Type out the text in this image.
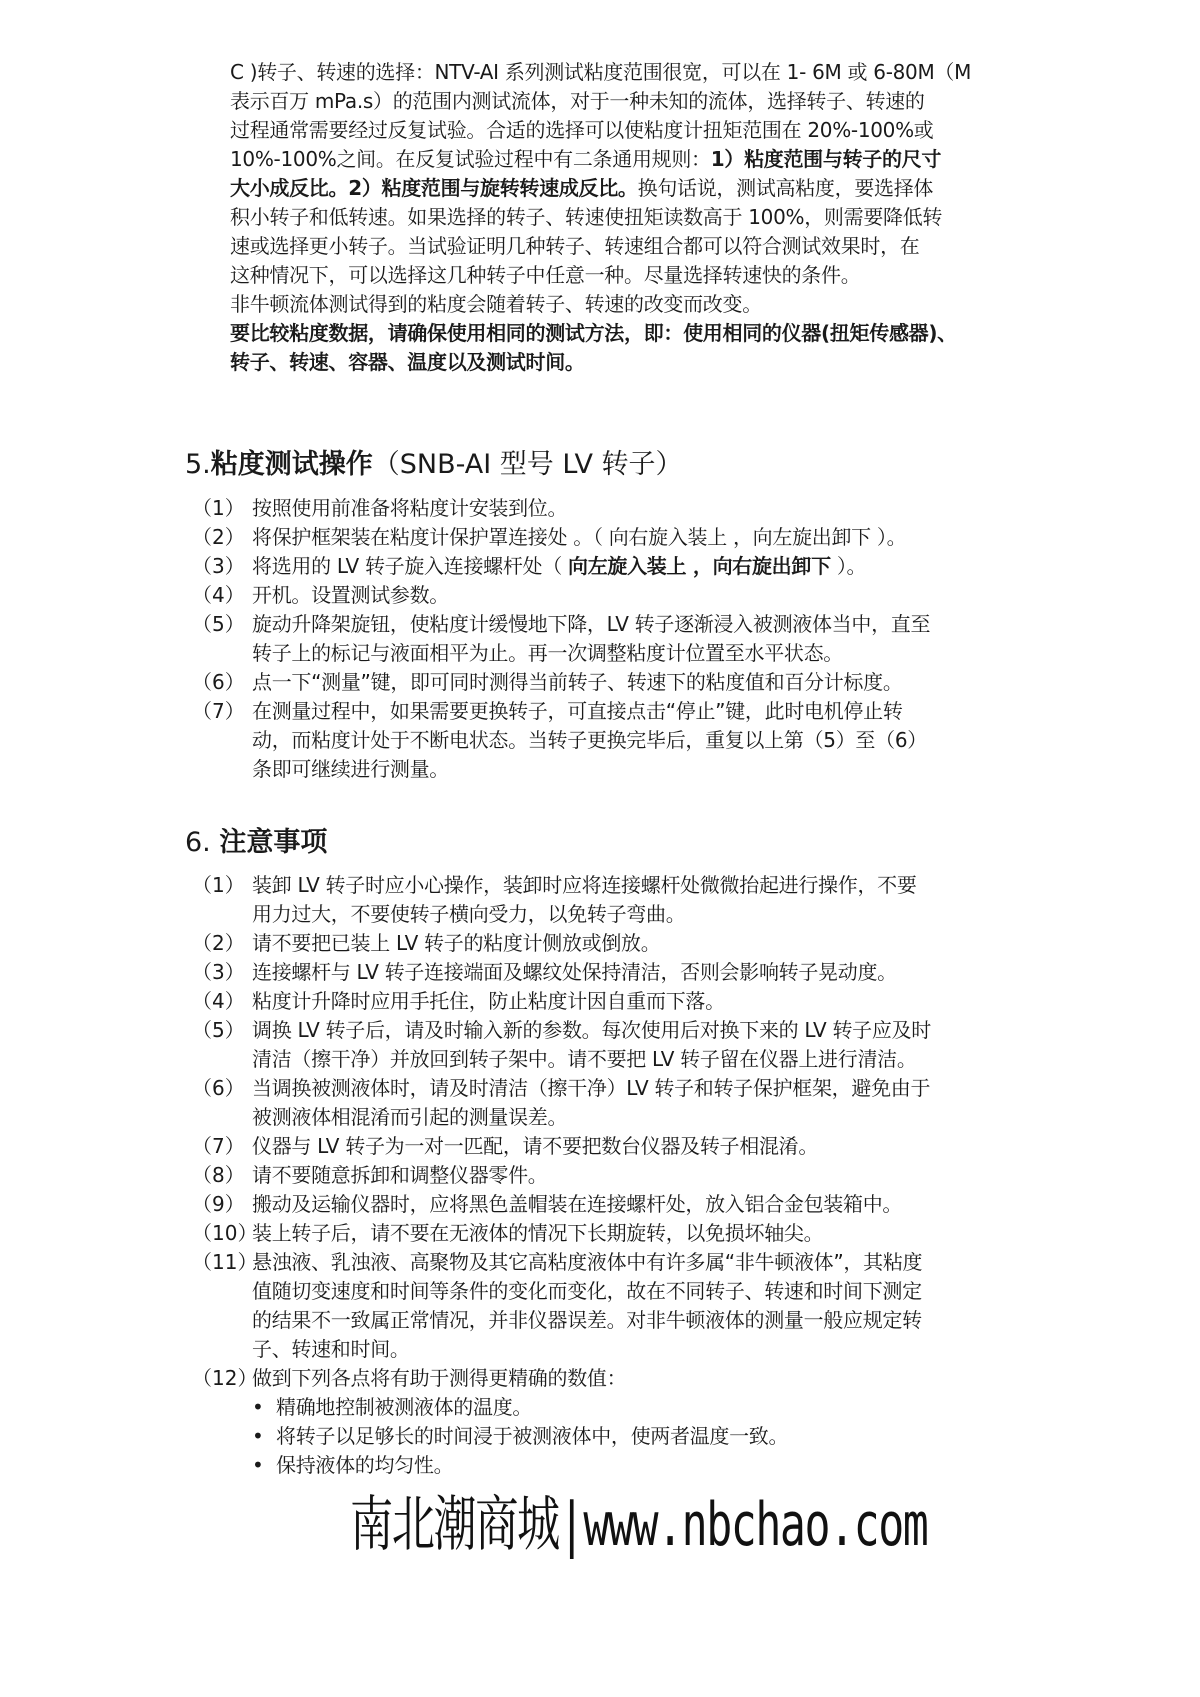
C )转子、转速的选择：NTV-AI 系列测试粘度范围很宽，可以在 1- 6M 或 6-80M（M
表示百万 mPa.s）的范围内测试流体，对于一种未知的流体，选择转子、转速的
过程通常需要经过反复试验。合适的选择可以使粘度计扭矩范围在 20%-100%或
10%-100%之间。在反复试验过程中有二条通用规则：1）粘度范围与转子的尺寸
大小成反比。2）粘度范围与旋转转速成反比。换句话说，测试高粘度，要选择体
积小转子和低转速。如果选择的转子、转速使扭矩读数高于 100%，则需要降低转
速或选择更小转子。当试验证明几种转子、转速组合都可以符合测试效果时，在
这种情况下，可以选择这几种转子中任意一种。尽量选择转速快的条件。
非牛顿流体测试得到的粘度会随着转子、转速的改变而改变。
要比较粘度数据，请确保使用相同的测试方法，即：使用相同的仪器(扭矩传感器)、
转子、转速、容器、温度以及测试时间。
5.粘度测试操作（SNB-AI 型号 LV 转子）
（1） 按照使用前准备将粘度计安装到位。
（2） 将保护框架装在粘度计保护罩连接处 。（ 向右旋入装上 ，向左旋出卸下 ）。
（3） 将选用的 LV 转子旋入连接螺杆处（ 向左旋入装上 ，向右旋出卸下 ）。
（4） 开机。设置测试参数。
（5） 旋动升降架旋钮，使粘度计缓慢地下降，LV 转子逐渐浸入被测液体当中，直至
转子上的标记与液面相平为止。再一次调整粘度计位置至水平状态。
（6） 点一下“测量”键，即可同时测得当前转子、转速下的粘度值和百分计标度。
（7） 在测量过程中，如果需要更换转子，可直接点击“停止”键，此时电机停止转
动，而粘度计处于不断电状态。当转子更换完毕后，重复以上第（5）至（6）
条即可继续进行测量。
6. 注意事项
（1） 装卸 LV 转子时应小心操作，装卸时应将连接螺杆处微微抬起进行操作，不要
用力过大，不要使转子横向受力，以免转子弯曲。
（2） 请不要把已装上 LV 转子的粘度计侧放或倒放。
（3） 连接螺杆与 LV 转子连接端面及螺纹处保持清洁，否则会影响转子晃动度。
（4） 粘度计升降时应用手托住，防止粘度计因自重而下落。
（5） 调换 LV 转子后，请及时输入新的参数。每次使用后对换下来的 LV 转子应及时
清洁（擦干净）并放回到转子架中。请不要把 LV 转子留在仪器上进行清洁。
（6） 当调换被测液体时，请及时清洁（擦干净）LV 转子和转子保护框架，避免由于
被测液体相混淆而引起的测量误差。
（7） 仪器与 LV 转子为一对一匹配，请不要把数台仪器及转子相混淆。
（8） 请不要随意拆卸和调整仪器零件。
（9） 搬动及运输仪器时，应将黑色盖帽装在连接螺杆处，放入铝合金包装箱中。
（10）
装上转子后，请不要在无液体的情况下长期旋转，以免损坏轴尖。
（11）
悬浊液、乳浊液、高聚物及其它高粘度液体中有许多属“非牛顿液体”，其粘度
值随切变速度和时间等条件的变化而变化，故在不同转子、转速和时间下测定
的结果不一致属正常情况，并非仪器误差。对非牛顿液体的测量一般应规定转
子、转速和时间。
（12）
做到下列各点将有助于测得更精确的数值：
• 精确地控制被测液体的温度。
• 将转子以足够长的时间浸于被测液体中，使两者温度一致。
• 保持液体的均匀性。
南北潮商城|www.nbchao.com
